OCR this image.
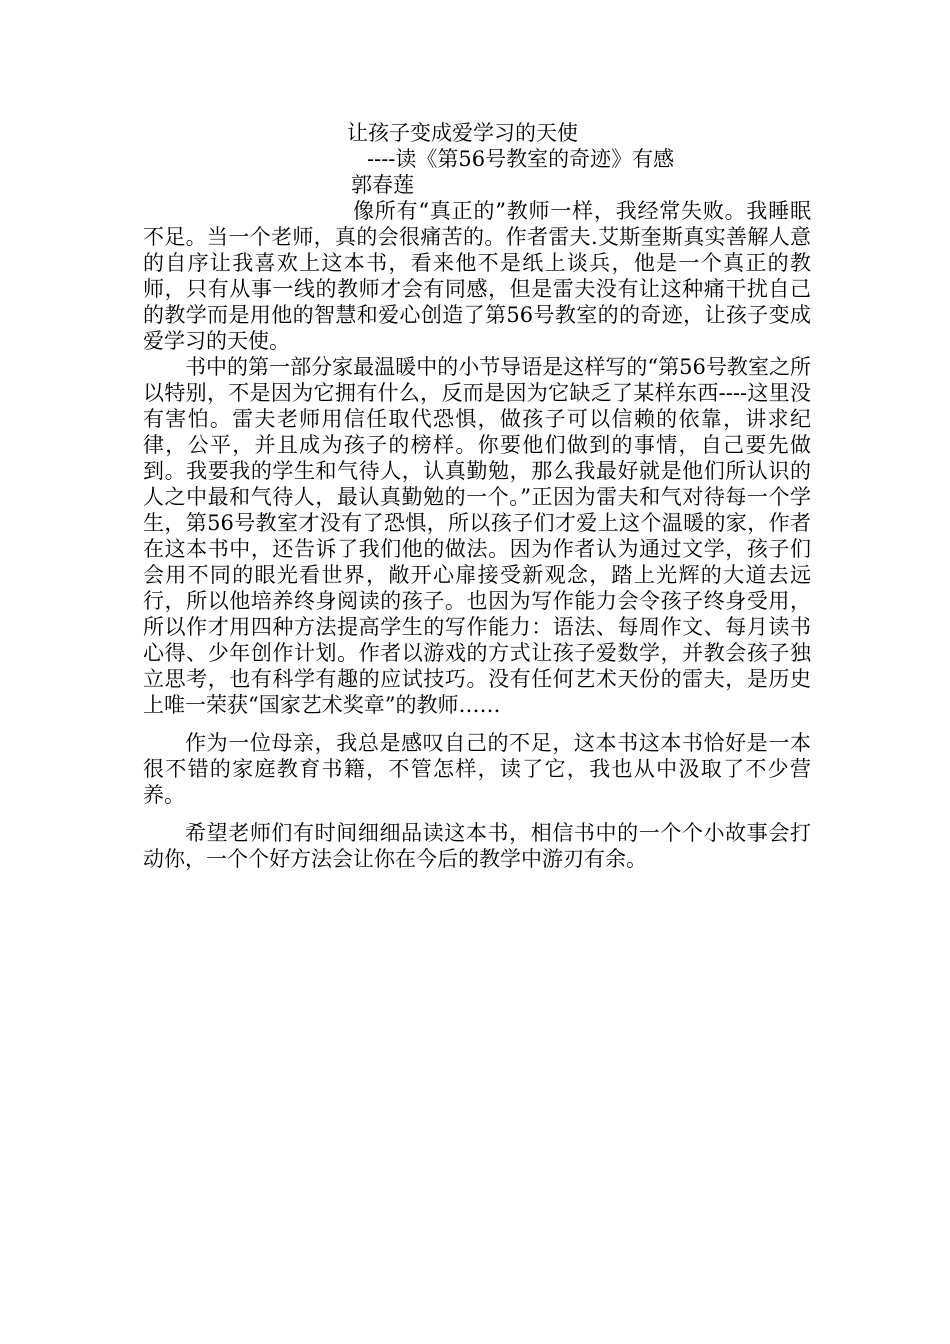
让孩子变成爱学习的天使
----读《第56号教室的奇迹》有感
郭春莲

像所有“真正的”教师一样，我经常失败。我睡眠不足。当一个老师，真的会很痛苦的。作者雷夫.艾斯奎斯真实善解人意的自序让我喜欢上这本书，看来他不是纸上谈兵，他是一个真正的教师，只有从事一线的教师才会有同感，但是雷夫没有让这种痛干扰自己的教学而是用他的智慧和爱心创造了第56号教室的的奇迹，让孩子变成爱学习的天使。

书中的第一部分家最温暖中的小节导语是这样写的“第56号教室之所以特别，不是因为它拥有什么，反而是因为它缺乏了某样东西----这里没有害怕。雷夫老师用信任取代恐惧，做孩子可以信赖的依靠，讲求纪律，公平，并且成为孩子的榜样。你要他们做到的事情，自己要先做到。我要我的学生和气待人，认真勤勉，那么我最好就是他们所认识的人之中最和气待人，最认真勤勉的一个。”正因为雷夫和气对待每一个学生，第56号教室才没有了恐惧，所以孩子们才爱上这个温暖的家，作者在这本书中，还告诉了我们他的做法。因为作者认为通过文学，孩子们会用不同的眼光看世界，敞开心扉接受新观念，踏上光辉的大道去远行，所以他培养终身阅读的孩子。也因为写作能力会令孩子终身受用，所以作才用四种方法提高学生的写作能力：语法、每周作文、每月读书心得、少年创作计划。作者以游戏的方式让孩子爱数学，并教会孩子独立思考，也有科学有趣的应试技巧。没有任何艺术天份的雷夫，是历史上唯一荣获“国家艺术奖章”的教师……

作为一位母亲，我总是感叹自己的不足，这本书这本书恰好是一本很不错的家庭教育书籍，不管怎样，读了它，我也从中汲取了不少营养。

希望老师们有时间细细品读这本书，相信书中的一个个小故事会打动你，一个个好方法会让你在今后的教学中游刃有余。
